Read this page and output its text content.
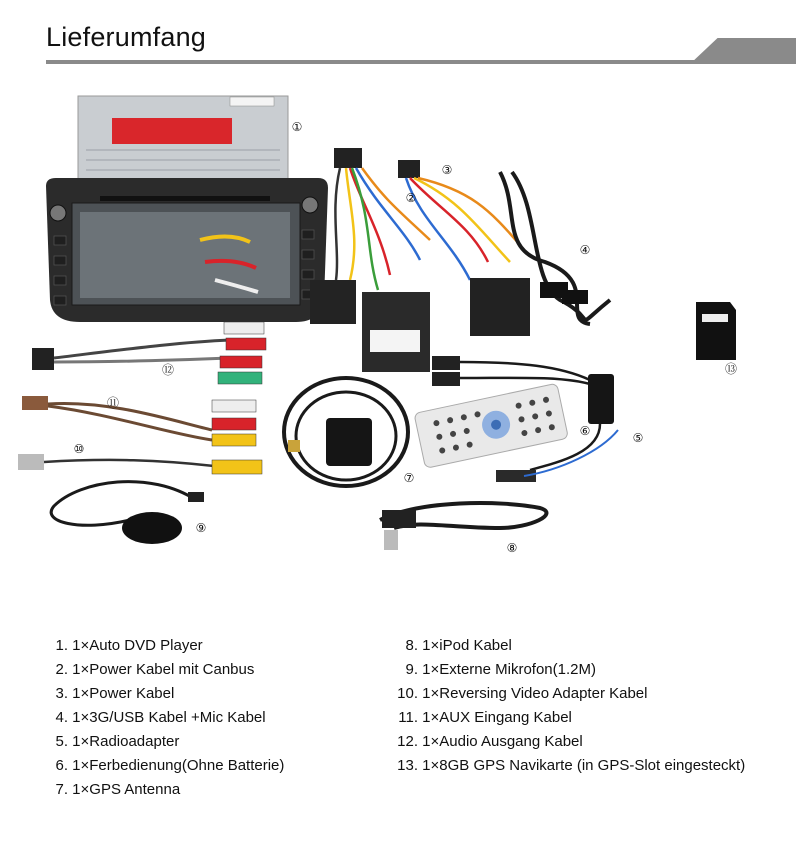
Lieferumfang
①
②
③
④
⑤
⑥
⑦
⑧
⑨
⑩
⑪
⑫	⑬
1. 1×Auto DVD Player
2. 1×Power Kabel mit Canbus
3. 1×Power Kabel
4. 1×3G/USB Kabel +Mic Kabel
5. 1×Radioadapter
6. 1×Ferbedienung(Ohne Batterie)
7. 1×GPS Antenna
8. 1×iPod Kabel
9. 1×Externe Mikrofon(1.2M)
10. 1×Reversing Video Adapter Kabel
11. 1×AUX Eingang Kabel
12. 1×Audio Ausgang Kabel
13. 1×8GB GPS Navikarte (in GPS-Slot eingesteckt)
